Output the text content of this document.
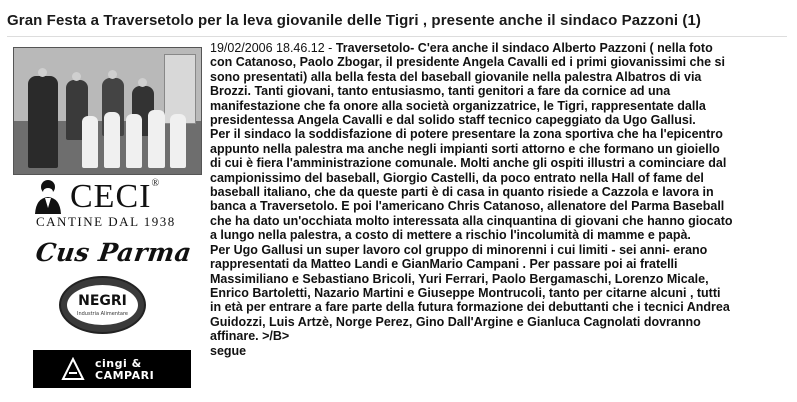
Gran Festa a Traversetolo per la leva giovanile delle Tigri , presente anche il sindaco Pazzoni (1)
CECI®
CANTINE DAL 1938
Cus Parma
NEGRI
Industria Alimentare
cingi &
CAMPARI
19/02/2006 18.46.12 - Traversetolo- C'era anche il sindaco Alberto Pazzoni ( nella foto
con Catanoso, Paolo Zbogar, il presidente Angela Cavalli ed i primi giovanissimi che si
sono presentati) alla bella festa del baseball giovanile nella palestra Albatros di via
Brozzi. Tanti giovani, tanto entusiasmo, tanti genitori a fare da cornice ad una
manifestazione che fa onore alla società organizzatrice, le Tigri, rappresentate dalla
presidentessa Angela Cavalli e dal solido staff tecnico capeggiato da Ugo Gallusi.
Per il sindaco la soddisfazione di potere presentare la zona sportiva che ha l'epicentro
appunto nella palestra ma anche negli impianti sorti attorno e che formano un gioiello
di cui è fiera l'amministrazione comunale. Molti anche gli ospiti illustri a cominciare dal
campionissimo del baseball, Giorgio Castelli, da poco entrato nella Hall of fame del
baseball italiano, che da queste parti è di casa in quanto risiede a Cazzola e lavora in
banca a Traversetolo. E poi l'americano Chris Catanoso, allenatore del Parma Baseball
che ha dato un'occhiata molto interessata alla cinquantina di giovani che hanno giocato
a lungo nella palestra, a costo di mettere a rischio l'incolumità di mamme e papà.
Per Ugo Gallusi un super lavoro col gruppo di minorenni i cui limiti - sei anni- erano
rappresentati da Matteo Landi e GianMario Campani . Per passare poi ai fratelli
Massimiliano e Sebastiano Bricoli, Yuri Ferrari, Paolo Bergamaschi, Lorenzo Micale,
Enrico Bartoletti, Nazario Martini e Giuseppe Montrucoli, tanto per citarne alcuni , tutti
in età per entrare a fare parte della futura formazione dei debuttanti che i tecnici Andrea
Guidozzi, Luis Artzè, Norge Perez, Gino Dall'Argine e Gianluca Cagnolati dovranno
affinare. >/B>
segue
